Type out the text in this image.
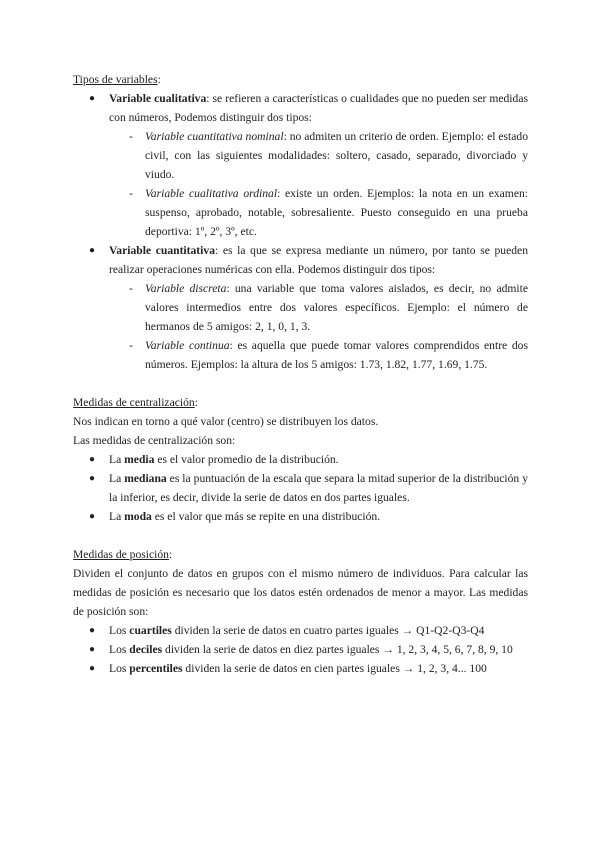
Tipos de variables:
● Variable cualitativa: se refieren a características o cualidades que no pueden ser medidas con números, Podemos distinguir dos tipos:
- Variable cuantitativa nominal: no admiten un criterio de orden. Ejemplo: el estado civil, con las siguientes modalidades: soltero, casado, separado, divorciado y viudo.
- Variable cualitativa ordinal: existe un orden. Ejemplos: la nota en un examen: suspenso, aprobado, notable, sobresaliente. Puesto conseguido en una prueba deportiva: 1º, 2º, 3º, etc.
● Variable cuantitativa: es la que se expresa mediante un número, por tanto se pueden realizar operaciones numéricas con ella. Podemos distinguir dos tipos:
- Variable discreta: una variable que toma valores aislados, es decir, no admite valores intermedios entre dos valores específicos. Ejemplo: el número de hermanos de 5 amigos: 2, 1, 0, 1, 3.
- Variable continua: es aquella que puede tomar valores comprendidos entre dos números. Ejemplos: la altura de los 5 amigos: 1.73, 1.82, 1.77, 1.69, 1.75.
Medidas de centralización:
Nos indican en torno a qué valor (centro) se distribuyen los datos.
Las medidas de centralización son:
● La media es el valor promedio de la distribución.
● La mediana es la puntuación de la escala que separa la mitad superior de la distribución y la inferior, es decir, divide la serie de datos en dos partes iguales.
● La moda es el valor que más se repite en una distribución.
Medidas de posición:
Dividen el conjunto de datos en grupos con el mismo número de individuos. Para calcular las medidas de posición es necesario que los datos estén ordenados de menor a mayor. Las medidas de posición son:
● Los cuartiles dividen la serie de datos en cuatro partes iguales → Q1-Q2-Q3-Q4
● Los deciles dividen la serie de datos en diez partes iguales → 1, 2, 3, 4, 5, 6, 7, 8, 9, 10
● Los percentiles dividen la serie de datos en cien partes iguales → 1, 2, 3, 4... 100
